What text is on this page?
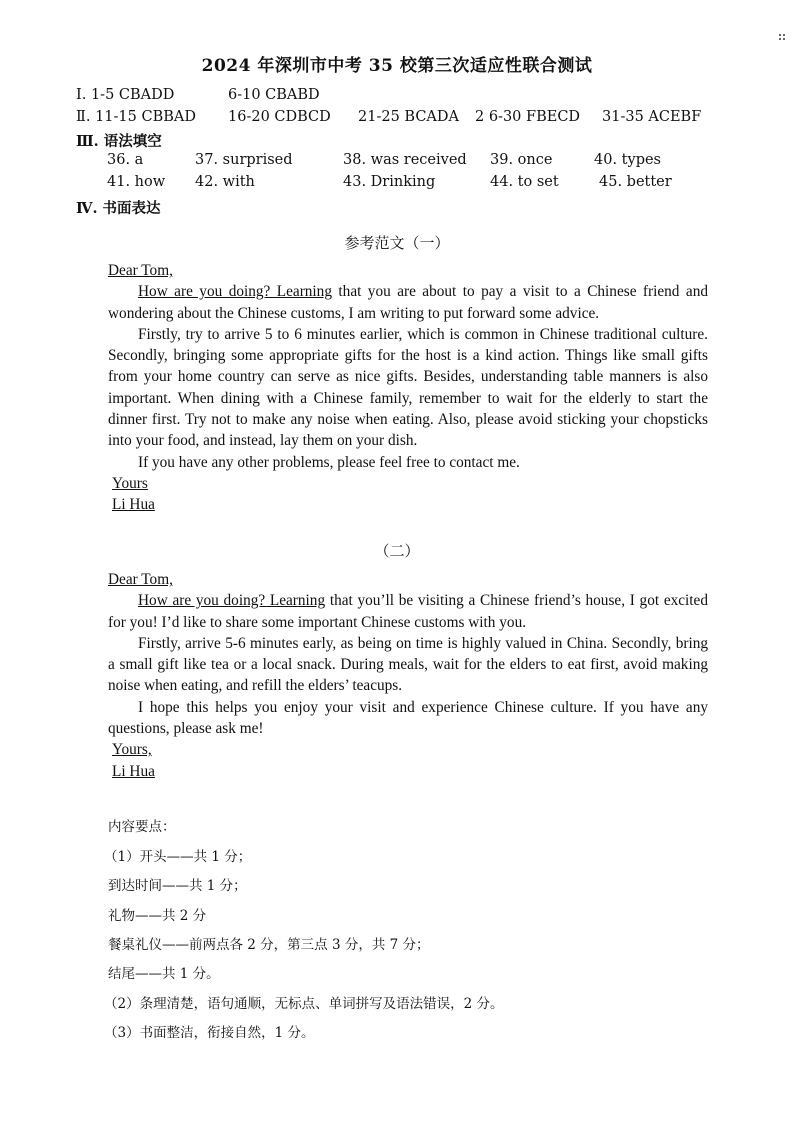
2024 年深圳市中考 35 校第三次适应性联合测试
Ⅰ. 1-5 CBADD	6-10 CBABD
Ⅱ. 11-15 CBBAD 16-20 CDBCD 21-25 BCADA 2 6-30 FBECD 31-35 ACEBF
Ⅲ. 语法填空
36. a	37. surprised	38. was received 39. once	40. types
41. how 42. with	43. Drinking	44. to set	45. better
Ⅳ. 书面表达
参考范文（一）

Dear Tom,

How are you doing? Learning that you are about to pay a visit to a Chinese friend and wondering about the Chinese customs, I am writing to put forward some advice.

Firstly, try to arrive 5 to 6 minutes earlier, which is common in Chinese traditional culture. Secondly, bringing some appropriate gifts for the host is a kind action. Things like small gifts from your home country can serve as nice gifts. Besides, understanding table manners is also important. When dining with a Chinese family, remember to wait for the elderly to start the dinner first. Try not to make any noise when eating. Also, please avoid sticking your chopsticks into your food, and instead, lay them on your dish.

If you have any other problems, please feel free to contact me.

Yours

Li Hua

（二）

Dear Tom,

How are you doing? Learning that you’ll be visiting a Chinese friend’s house, I got excited for you! I’d like to share some important Chinese customs with you.

Firstly, arrive 5-6 minutes early, as being on time is highly valued in China. Secondly, bring a small gift like tea or a local snack. During meals, wait for the elders to eat first, avoid making noise when eating, and refill the elders’ teacups.

I hope this helps you enjoy your visit and experience Chinese culture. If you have any questions, please ask me!

Yours,

Li Hua

内容要点：
（1）开头——共 1 分；
到达时间——共 1 分；
礼物——共 2 分
餐桌礼仪——前两点各 2 分，第三点 3 分，共 7 分；
结尾——共 1 分。
（2）条理清楚，语句通顺，无标点、单词拼写及语法错误，2 分。
（3）书面整洁，衔接自然，1 分。
